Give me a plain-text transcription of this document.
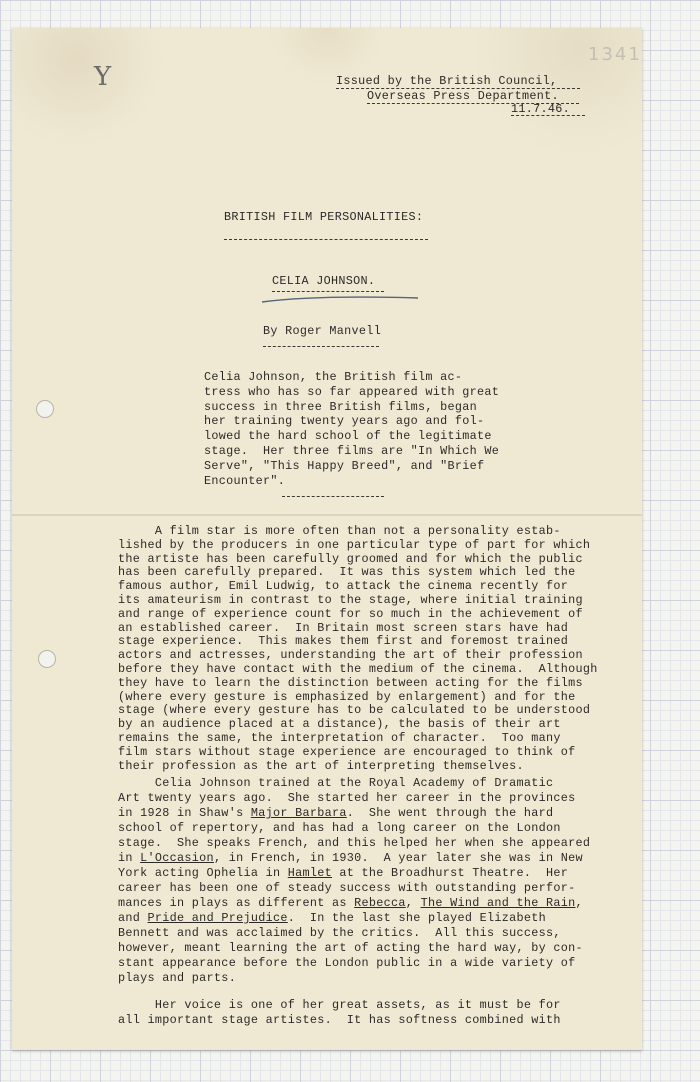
Y
1341
Issued by the British Council,
Overseas Press Department.
11.7.46.
BRITISH FILM PERSONALITIES:
CELIA JOHNSON.
By Roger Manvell
Celia Johnson, the British film ac-
tress who has so far appeared with great
success in three British films, began
her training twenty years ago and fol-
lowed the hard school of the legitimate
stage.  Her three films are "In Which We
Serve", "This Happy Breed", and "Brief
Encounter".
A film star is more often than not a personality estab-
lished by the producers in one particular type of part for which
the artiste has been carefully groomed and for which the public
has been carefully prepared.  It was this system which led the
famous author, Emil Ludwig, to attack the cinema recently for
its amateurism in contrast to the stage, where initial training
and range of experience count for so much in the achievement of
an established career.  In Britain most screen stars have had
stage experience.  This makes them first and foremost trained
actors and actresses, understanding the art of their profession
before they have contact with the medium of the cinema.  Although
they have to learn the distinction between acting for the films
(where every gesture is emphasized by enlargement) and for the
stage (where every gesture has to be calculated to be understood
by an audience placed at a distance), the basis of their art
remains the same, the interpretation of character.  Too many
film stars without stage experience are encouraged to think of
their profession as the art of interpreting themselves.
Celia Johnson trained at the Royal Academy of Dramatic
Art twenty years ago.  She started her career in the provinces
in 1928 in Shaw's Major Barbara.  She went through the hard
school of repertory, and has had a long career on the London
stage.  She speaks French, and this helped her when she appeared
in L'Occasion, in French, in 1930.  A year later she was in New
York acting Ophelia in Hamlet at the Broadhurst Theatre.  Her
career has been one of steady success with outstanding perfor-
mances in plays as different as Rebecca, The Wind and the Rain,
and Pride and Prejudice.  In the last she played Elizabeth
Bennett and was acclaimed by the critics.  All this success,
however, meant learning the art of acting the hard way, by con-
stant appearance before the London public in a wide variety of
plays and parts.
Her voice is one of her great assets, as it must be for
all important stage artistes.  It has softness combined with
